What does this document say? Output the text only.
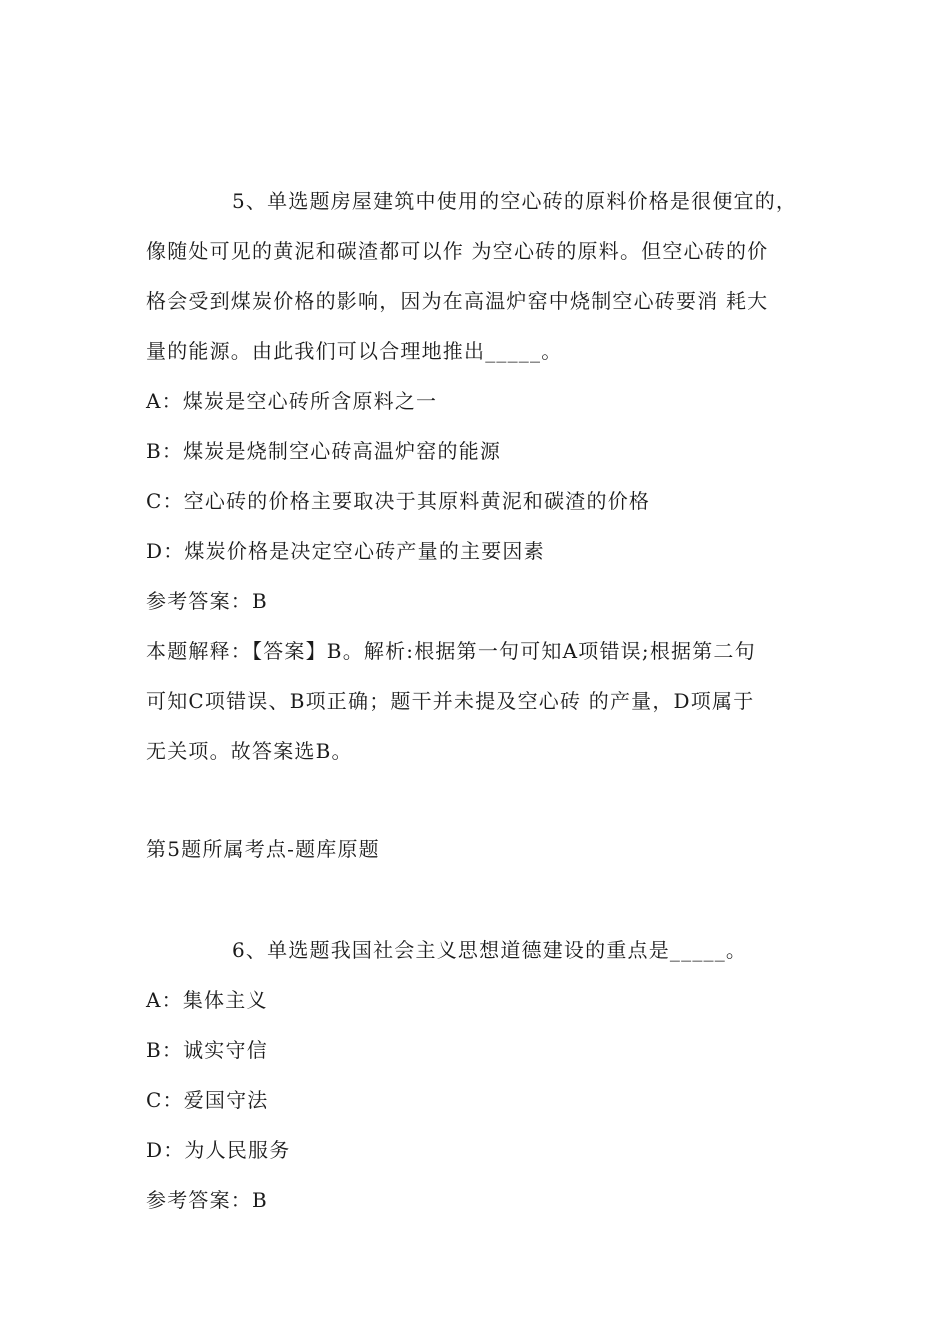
5、单选题房屋建筑中使用的空心砖的原料价格是很便宜的，
像随处可见的黄泥和碳渣都可以作 为空心砖的原料。但空心砖的价
格会受到煤炭价格的影响，因为在高温炉窑中烧制空心砖要消 耗大
量的能源。由此我们可以合理地推出_____。
A：煤炭是空心砖所含原料之一
B：煤炭是烧制空心砖高温炉窑的能源
C：空心砖的价格主要取决于其原料黄泥和碳渣的价格
D：煤炭价格是决定空心砖产量的主要因素
参考答案：B
本题解释：【答案】B。解析:根据第一句可知A项错误;根据第二句
可知C项错误、B项正确；题干并未提及空心砖 的产量，D项属于
无关项。故答案选B。
第5题所属考点-题库原题
6、单选题我国社会主义思想道德建设的重点是_____。
A：集体主义
B：诚实守信
C：爱国守法
D：为人民服务
参考答案：B
